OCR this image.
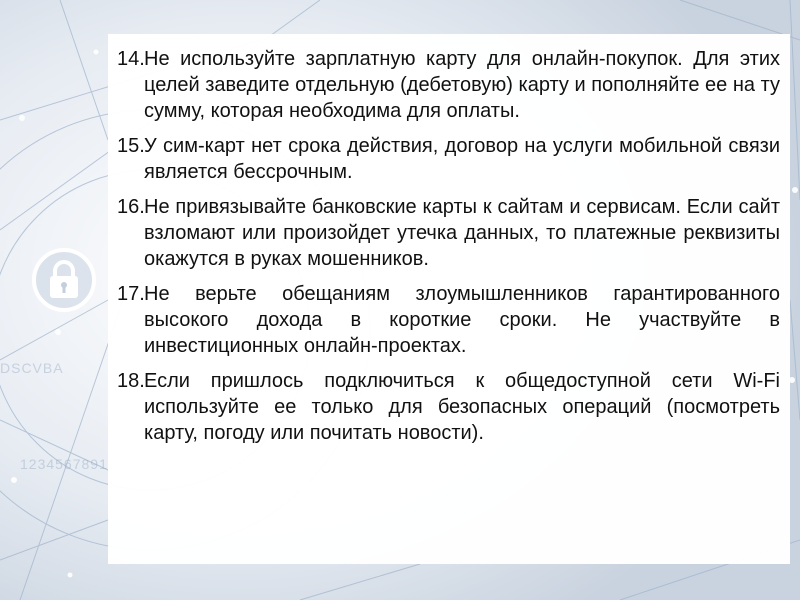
1234567891
DSCVBA
14. Не используйте зарплатную карту для онлайн-покупок. Для этих целей заведите отдельную (дебетовую) карту и пополняйте ее на ту сумму, которая необходима для оплаты.
15. У сим-карт нет срока действия, договор на услуги мобильной связи является бессрочным.
16. Не привязывайте банковские карты к сайтам и сервисам. Если сайт взломают или произойдет утечка данных, то платежные реквизиты окажутся в руках мошенников.
17. Не верьте обещаниям злоумышленников гарантированного высокого дохода в короткие сроки. Не участвуйте в инвестиционных онлайн-проектах.
18. Если пришлось подключиться к общедоступной сети Wi-Fi используйте ее только для безопасных операций (посмотреть карту, погоду или почитать новости).
